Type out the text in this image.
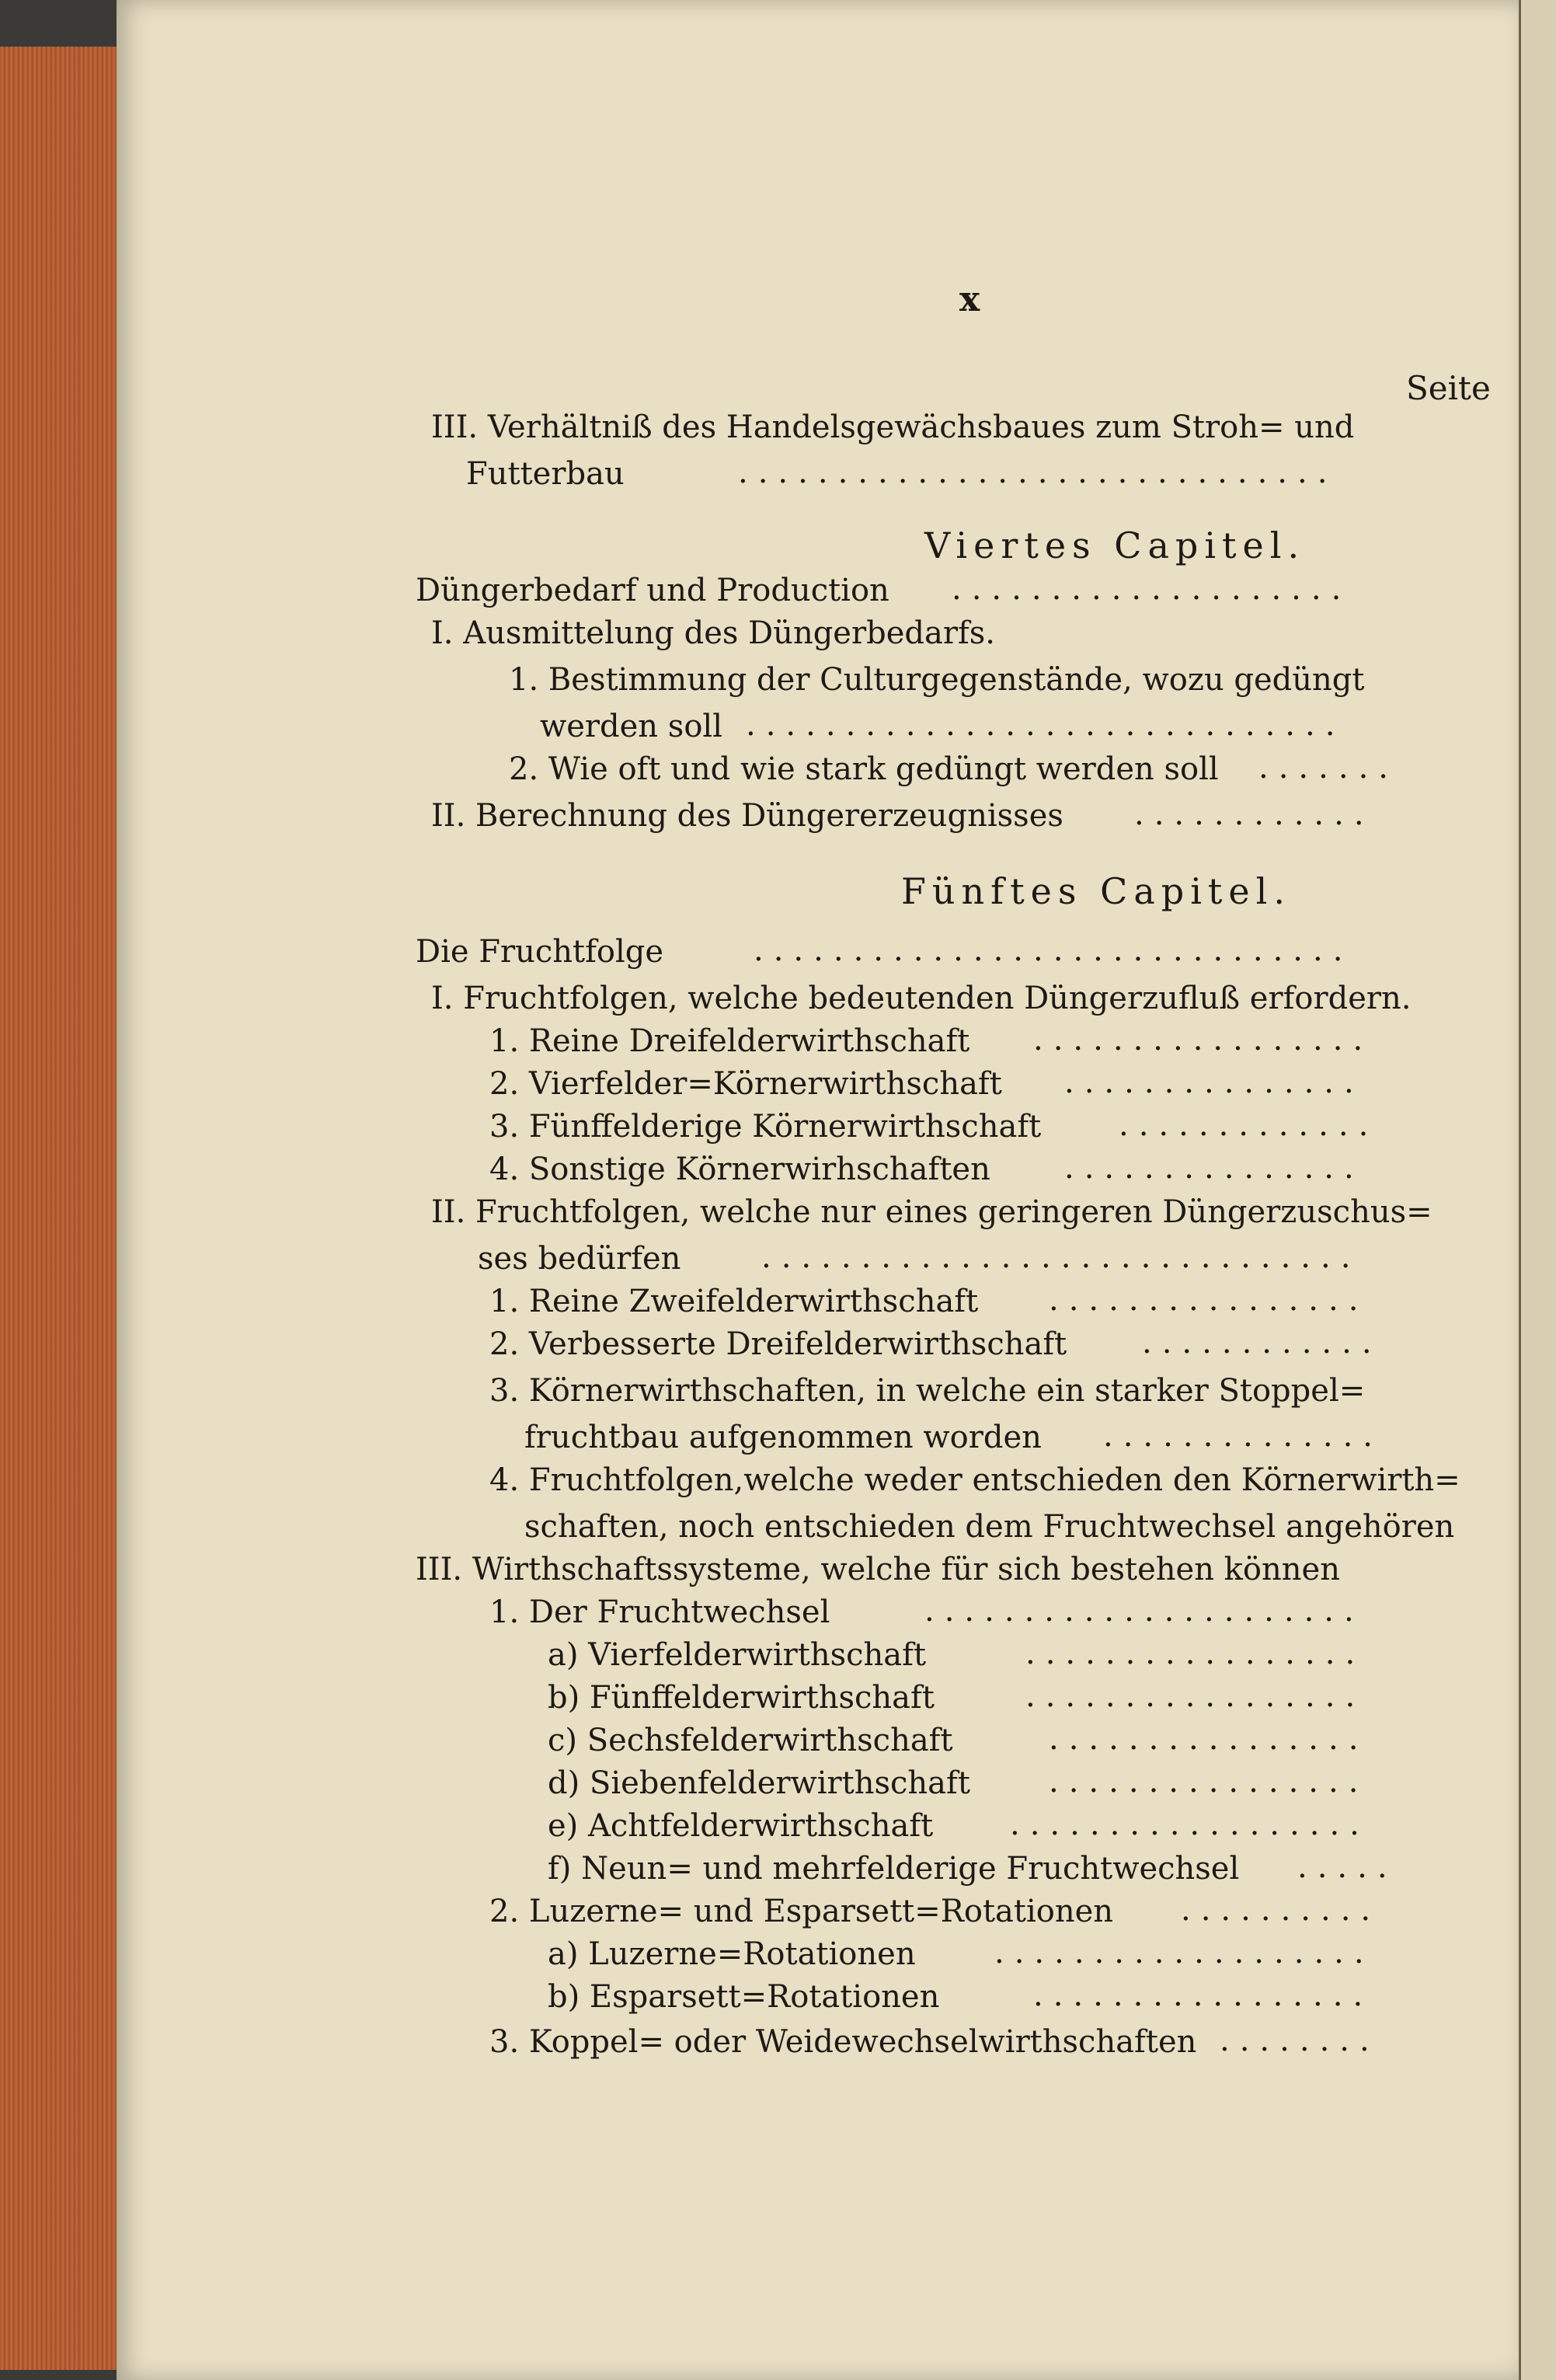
x
Seite
Viertes Capitel.
Fünftes Capitel.
III. Verhältniß des Handelsgewächsbaues zum Stroh= und
Futterbau	..............................
Düngerbedarf und Production ....................
I. Ausmittelung des Düngerbedarfs.
1. Bestimmung der Culturgegenstände, wozu gedüngt
werden soll ..............................
2. Wie oft und wie stark gedüngt werden soll .......
II. Berechnung des Düngererzeugnisses ............
Die Fruchtfolge	..............................
I. Fruchtfolgen, welche bedeutenden Düngerzufluß erfordern.
1. Reine Dreifelderwirthschaft .................
2. Vierfelder=Körnerwirthschaft ...............
3. Fünffelderige Körnerwirthschaft .............
4. Sonstige Körnerwirhschaften ...............
II. Fruchtfolgen, welche nur eines geringeren Düngerzuschus=
ses bedürfen	..............................
1. Reine Zweifelderwirthschaft ................
2. Verbesserte Dreifelderwirthschaft ............
3. Körnerwirthschaften, in welche ein starker Stoppel=
fruchtbau aufgenommen worden ..............
4. Fruchtfolgen,welche weder entschieden den Körnerwirth=
schaften, noch entschieden dem Fruchtwechsel angehören
III. Wirthschaftssysteme, welche für sich bestehen können
1. Der Fruchtwechsel	......................
a) Vierfelderwirthschaft	.................
b) Fünffelderwirthschaft	.................
c) Sechsfelderwirthschaft	................
d) Siebenfelderwirthschaft	................
e) Achtfelderwirthschaft ..................
f) Neun= und mehrfelderige Fruchtwechsel .....
2. Luzerne= und Esparsett=Rotationen ..........
a) Luzerne=Rotationen	...................
b) Esparsett=Rotationen	.................
3. Koppel= oder Weidewechselwirthschaften ........
